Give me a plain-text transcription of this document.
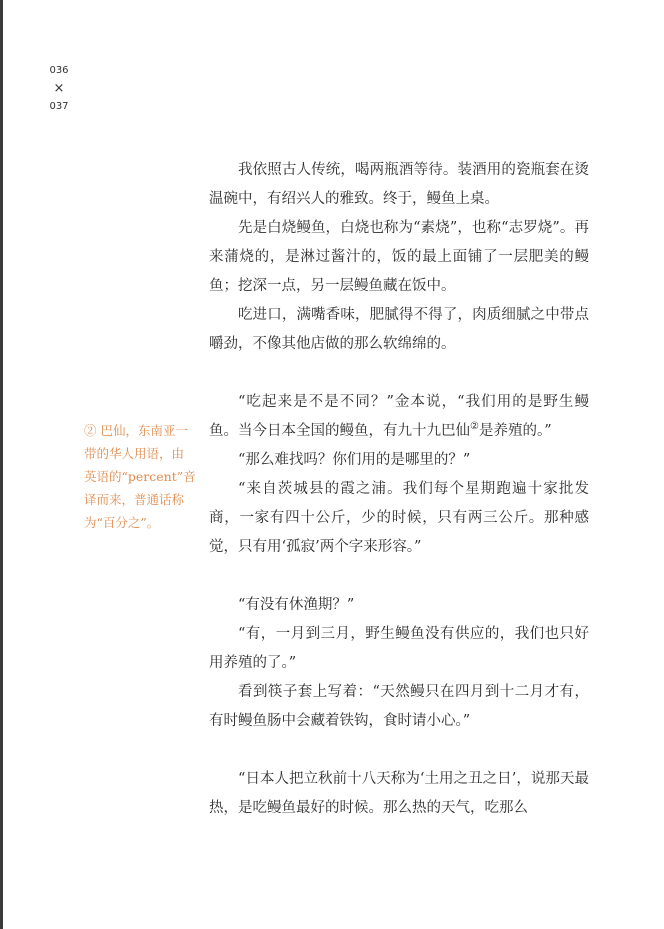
036
×
037

② 巴仙，东南亚一带的华人用语，由英语的“percent”音译而来，普通话称为“百分之”。

我依照古人传统，喝两瓶酒等待。装酒用的瓷瓶套在烫温碗中，有绍兴人的雅致。终于，鳗鱼上桌。

先是白烧鳗鱼，白烧也称为“素烧”，也称“志罗烧”。再来蒲烧的，是淋过酱汁的，饭的最上面铺了一层肥美的鳗鱼；挖深一点，另一层鳗鱼藏在饭中。

吃进口，满嘴香味，肥腻得不得了，肉质细腻之中带点嚼劲，不像其他店做的那么软绵绵的。

“吃起来是不是不同？”金本说，“我们用的是野生鳗鱼。当今日本全国的鳗鱼，有九十九巴仙②是养殖的。”

“那么难找吗？你们用的是哪里的？”

“来自茨城县的霞之浦。我们每个星期跑遍十家批发商，一家有四十公斤，少的时候，只有两三公斤。那种感觉，只有用‘孤寂’两个字来形容。”

“有没有休渔期？”

“有，一月到三月，野生鳗鱼没有供应的，我们也只好用养殖的了。”

看到筷子套上写着：“天然鳗只在四月到十二月才有，有时鳗鱼肠中会藏着铁钩，食时请小心。”

“日本人把立秋前十八天称为‘土用之丑之日’，说那天最热，是吃鳗鱼最好的时候。那么热的天气，吃那么
